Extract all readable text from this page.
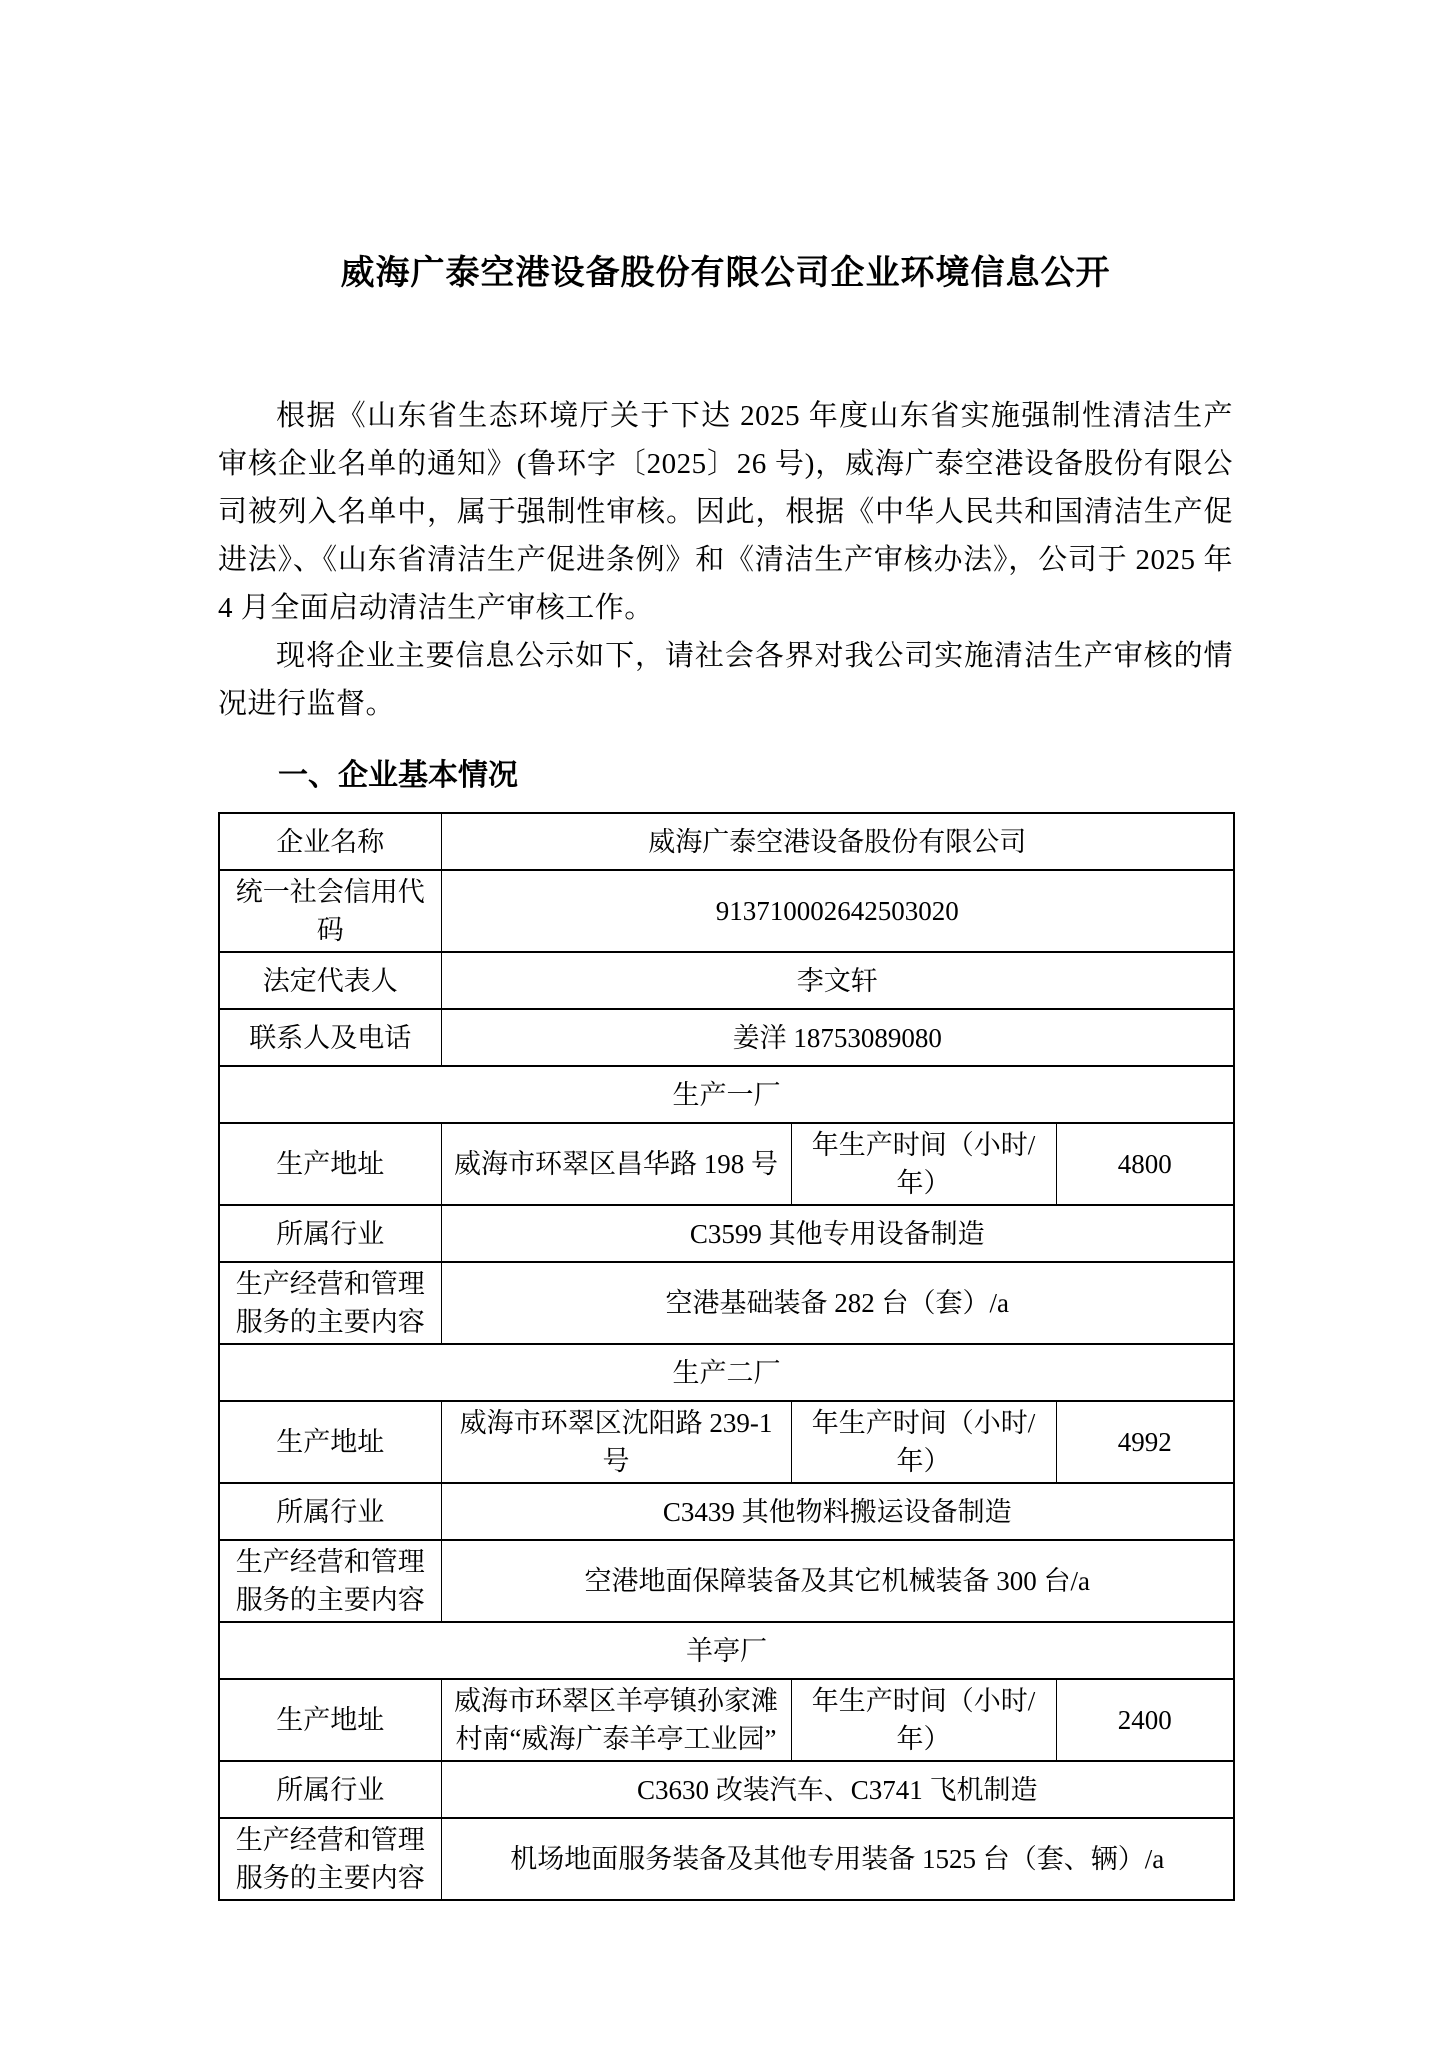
威海广泰空港设备股份有限公司企业环境信息公开

根据《山东省生态环境厅关于下达 2025 年度山东省实施强制性清洁生产审核企业名单的通知》(鲁环字〔2025〕26 号)，威海广泰空港设备股份有限公司被列入名单中，属于强制性审核。因此，根据《中华人民共和国清洁生产促进法》、《山东省清洁生产促进条例》和《清洁生产审核办法》，公司于 2025 年 4 月全面启动清洁生产审核工作。

现将企业主要信息公示如下，请社会各界对我公司实施清洁生产审核的情况进行监督。

一、企业基本情况
企业名称	威海广泰空港设备股份有限公司		
统一社会信用代码	913710002642503020		
法定代表人	李文轩		
联系人及电话	姜洋 18753089080		
生产一厂			
生产地址	威海市环翠区昌华路 198 号	年生产时间（小时/年）	4800
所属行业	C3599 其他专用设备制造		
生产经营和管理服务的主要内容	空港基础装备 282 台（套）/a		
生产二厂			
生产地址	威海市环翠区沈阳路 239-1 号	年生产时间（小时/年）	4992
所属行业	C3439 其他物料搬运设备制造		
生产经营和管理服务的主要内容	空港地面保障装备及其它机械装备 300 台/a		
羊亭厂			
生产地址	威海市环翠区羊亭镇孙家滩村南“威海广泰羊亭工业园”	年生产时间（小时/年）	2400
所属行业	C3630 改装汽车、C3741 飞机制造		
生产经营和管理服务的主要内容	机场地面服务装备及其他专用装备 1525 台（套、辆）/a		
